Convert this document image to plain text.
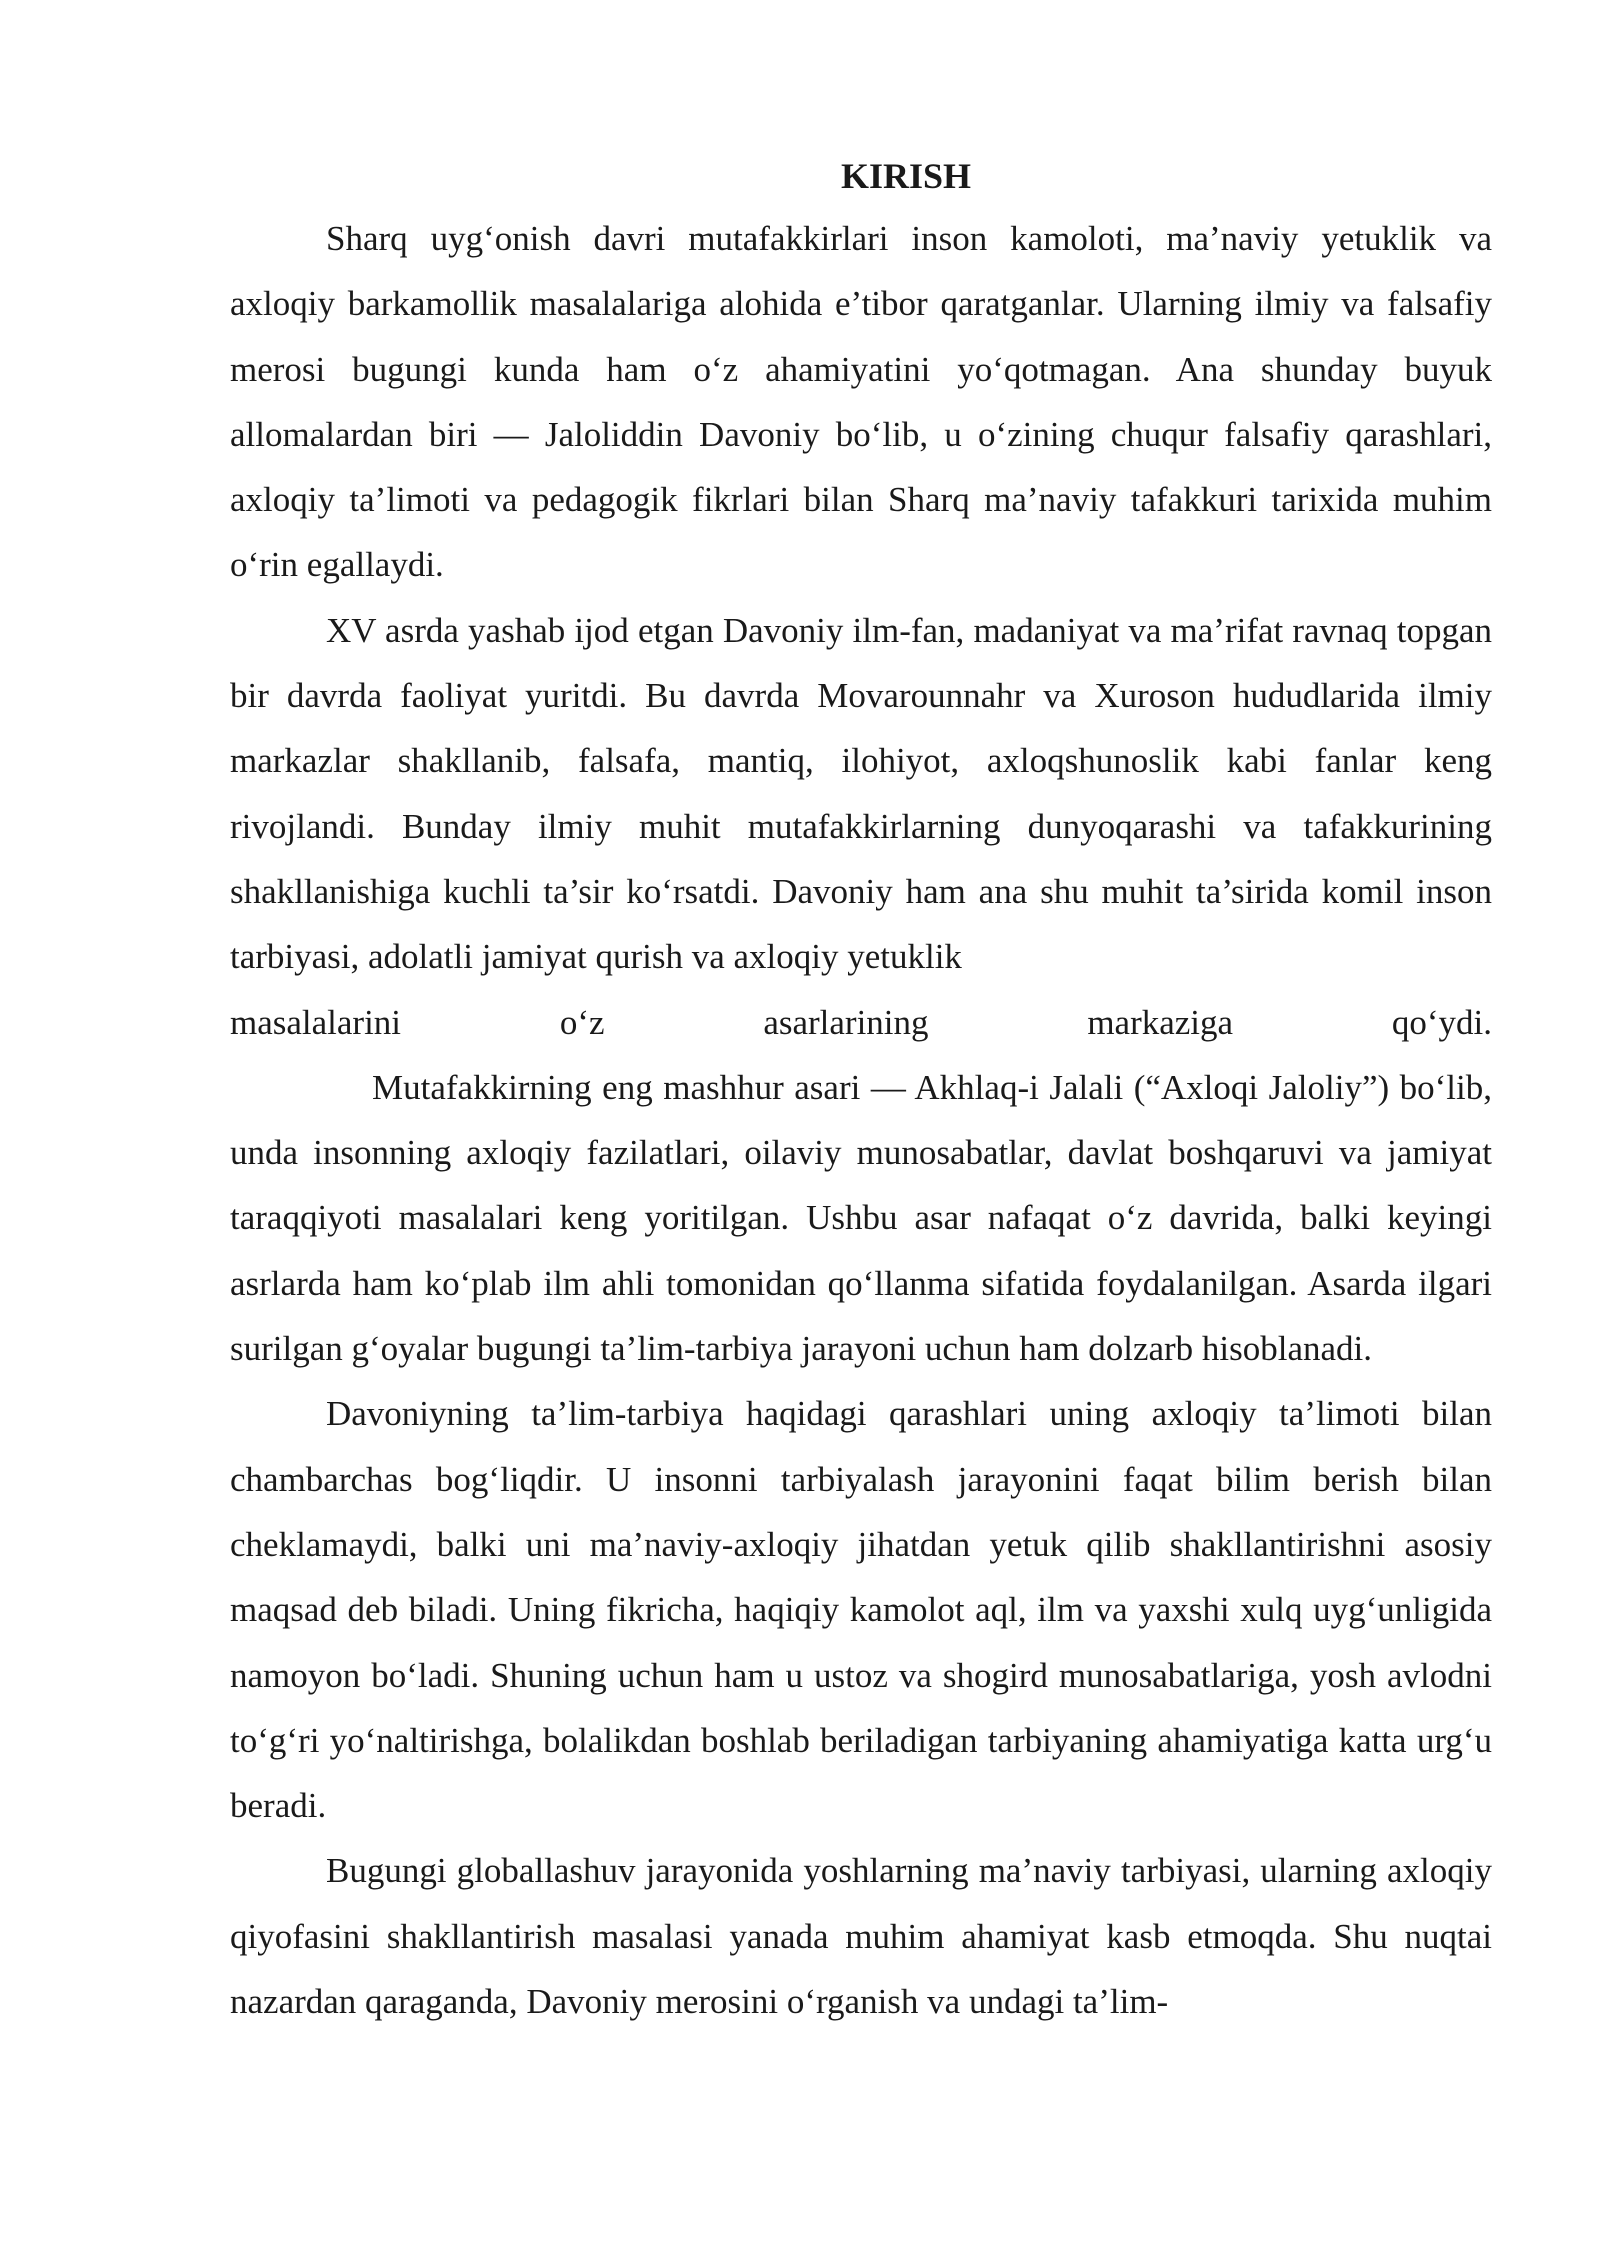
KIRISH

Sharq uyg‘onish davri mutafakkirlari inson kamoloti, ma’naviy yetuklik va axloqiy barkamollik masalalariga alohida e’tibor qaratganlar. Ularning ilmiy va falsafiy merosi bugungi kunda ham o‘z ahamiyatini yo‘qotmagan. Ana shunday buyuk allomalardan biri — Jaloliddin Davoniy bo‘lib, u o‘zining chuqur falsafiy qarashlari, axloqiy ta’limoti va pedagogik fikrlari bilan Sharq ma’naviy tafakkuri tarixida muhim o‘rin egallaydi.

XV asrda yashab ijod etgan Davoniy ilm-fan, madaniyat va ma’rifat ravnaq topgan bir davrda faoliyat yuritdi. Bu davrda Movarounnahr va Xuroson hududlarida ilmiy markazlar shakllanib, falsafa, mantiq, ilohiyot, axloqshunoslik kabi fanlar keng rivojlandi. Bunday ilmiy muhit mutafakkirlarning dunyoqarashi va tafakkurining shakllanishiga kuchli ta’sir ko‘rsatdi. Davoniy ham ana shu muhit ta’sirida komil inson tarbiyasi, adolatli jamiyat qurish va axloqiy yetuklik
masalalarini o‘z asarlarining markaziga qo‘ydi.

Mutafakkirning eng mashhur asari — Akhlaq-i Jalali (“Axloqi Jaloliy”) bo‘lib, unda insonning axloqiy fazilatlari, oilaviy munosabatlar, davlat boshqaruvi va jamiyat taraqqiyoti masalalari keng yoritilgan. Ushbu asar nafaqat o‘z davrida, balki keyingi asrlarda ham ko‘plab ilm ahli tomonidan qo‘llanma sifatida foydalanilgan. Asarda ilgari surilgan g‘oyalar bugungi ta’lim-tarbiya jarayoni uchun ham dolzarb hisoblanadi.

Davoniyning ta’lim-tarbiya haqidagi qarashlari uning axloqiy ta’limoti bilan chambarchas bog‘liqdir. U insonni tarbiyalash jarayonini faqat bilim berish bilan cheklamaydi, balki uni ma’naviy-axloqiy jihatdan yetuk qilib shakllantirishni asosiy maqsad deb biladi. Uning fikricha, haqiqiy kamolot aql, ilm va yaxshi xulq uyg‘unligida namoyon bo‘ladi. Shuning uchun ham u ustoz va shogird munosabatlariga, yosh avlodni to‘g‘ri yo‘naltirishga, bolalikdan boshlab beriladigan tarbiyaning ahamiyatiga katta urg‘u beradi.

Bugungi globallashuv jarayonida yoshlarning ma’naviy tarbiyasi, ularning axloqiy qiyofasini shakllantirish masalasi yanada muhim ahamiyat kasb etmoqda. Shu nuqtai nazardan qaraganda, Davoniy merosini o‘rganish va undagi ta’lim-
